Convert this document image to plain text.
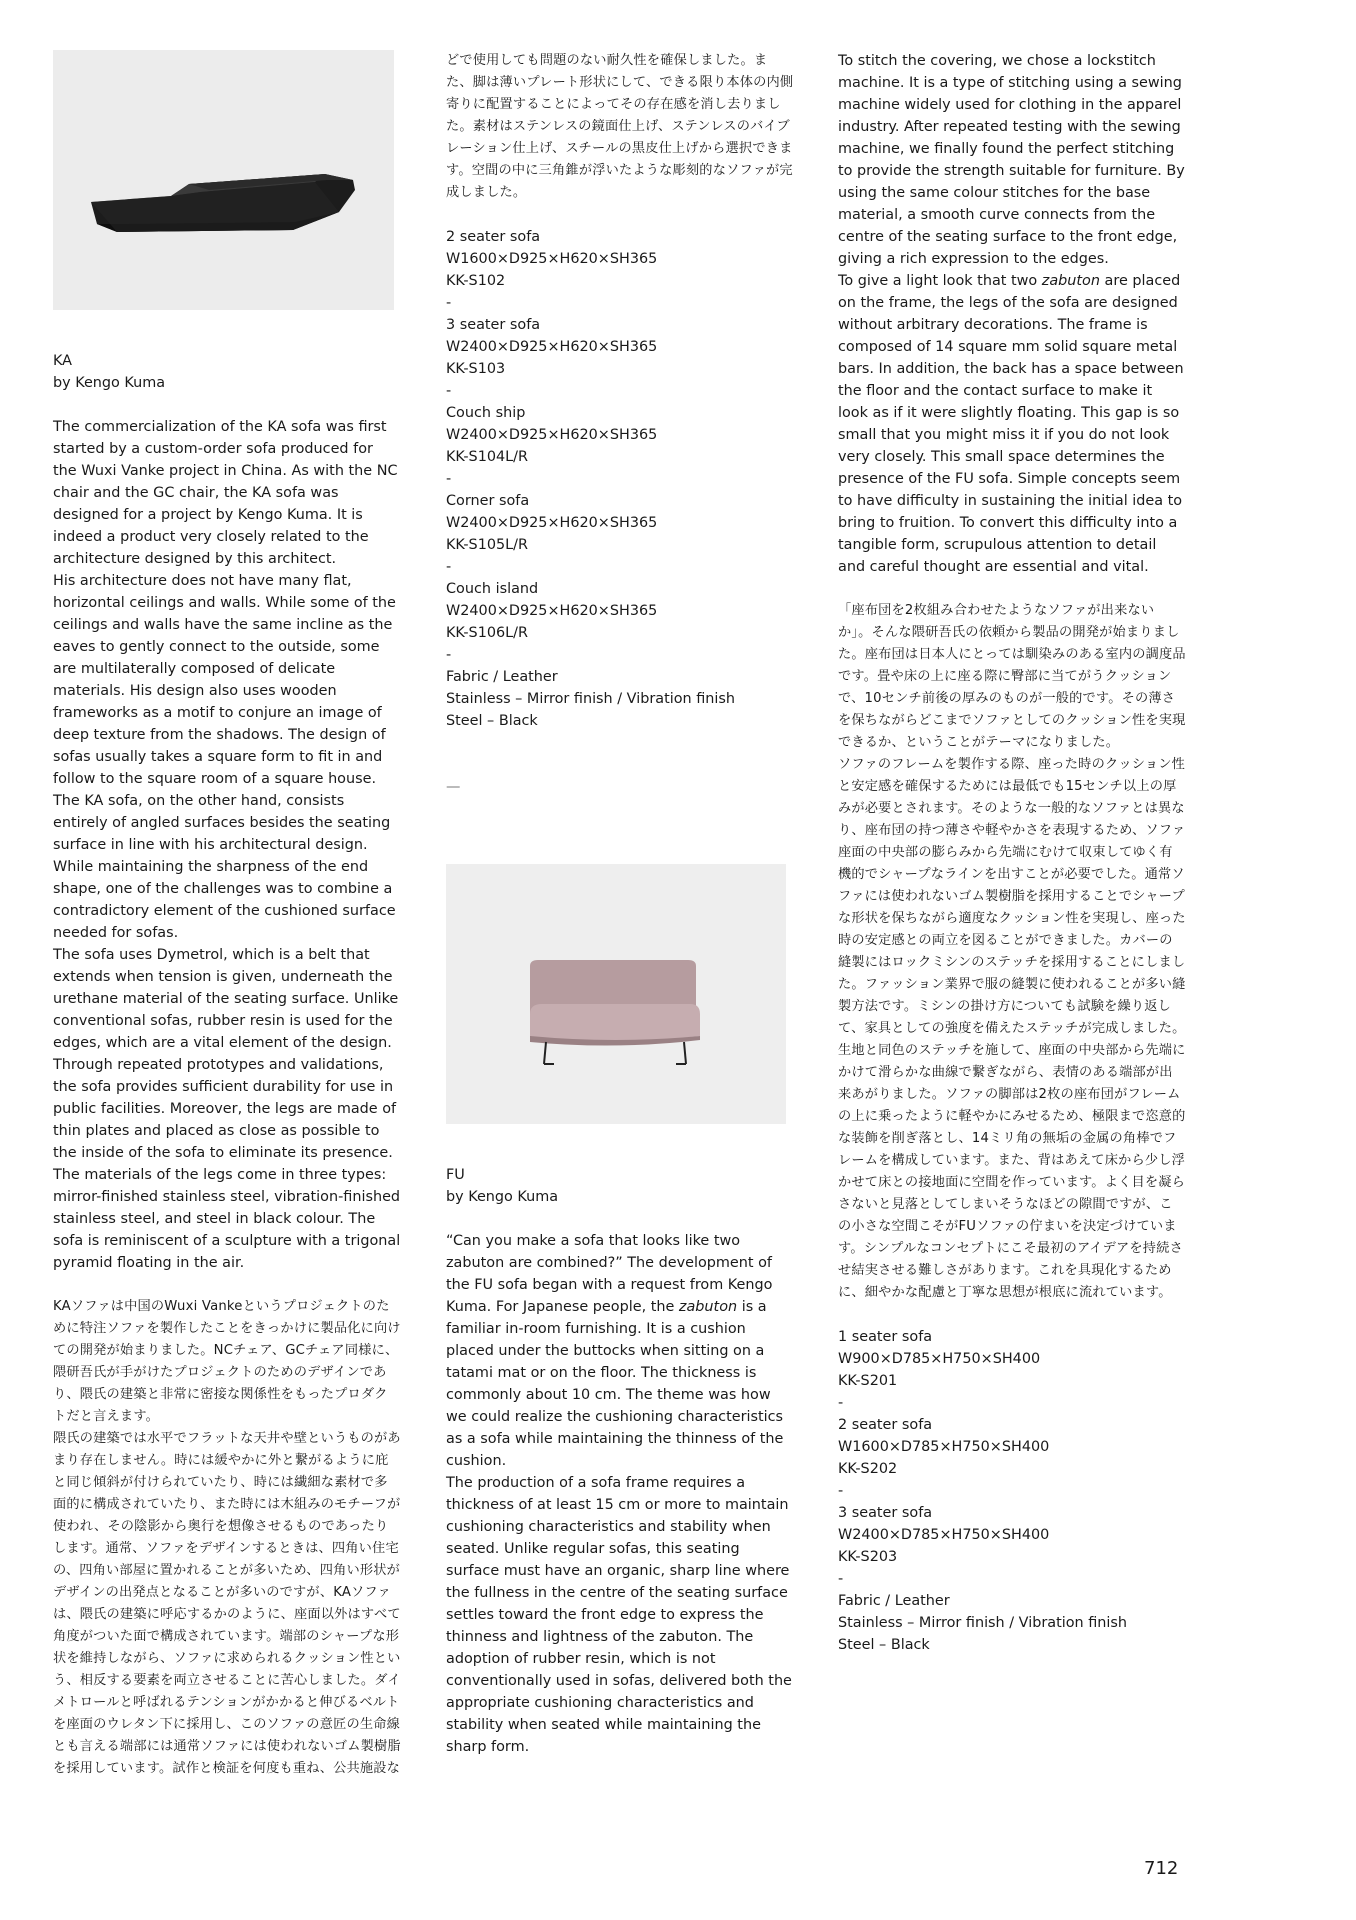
KA

by Kengo Kuma

The commercialization of the KA sofa was first started by a custom-order sofa produced for the Wuxi Vanke project in China. As with the NC chair and the GC chair, the KA sofa was designed for a project by Kengo Kuma. It is indeed a product very closely related to the architecture designed by this architect.

His architecture does not have many flat, horizontal ceilings and walls. While some of the ceilings and walls have the same incline as the eaves to gently connect to the outside, some are multilaterally composed of delicate materials. His design also uses wooden frameworks as a motif to conjure an image of deep texture from the shadows. The design of sofas usually takes a square form to fit in and follow to the square room of a square house. The KA sofa, on the other hand, consists entirely of angled surfaces besides the seating surface in line with his architectural design. While maintaining the sharpness of the end shape, one of the challenges was to combine a contradictory element of the cushioned surface needed for sofas.

The sofa uses Dymetrol, which is a belt that extends when tension is given, underneath the urethane material of the seating surface. Unlike conventional sofas, rubber resin is used for the edges, which are a vital element of the design. Through repeated prototypes and validations, the sofa provides sufficient durability for use in public facilities. Moreover, the legs are made of thin plates and placed as close as possible to the inside of the sofa to eliminate its presence. The materials of the legs come in three types: mirror-finished stainless steel, vibration-finished stainless steel, and steel in black colour. The sofa is reminiscent of a sculpture with a trigonal pyramid floating in the air.

KAソファは中国のWuxi Vankeというプロジェクトのために特注ソファを製作したことをきっかけに製品化に向けての開発が始まりました。NCチェア、GCチェア同様に、隈研吾氏が手がけたプロジェクトのためのデザインであり、隈氏の建築と非常に密接な関係性をもったプロダクトだと言えます。

隈氏の建築では水平でフラットな天井や壁というものがあまり存在しません。時には緩やかに外と繋がるように庇と同じ傾斜が付けられていたり、時には繊細な素材で多面的に構成されていたり、また時には木組みのモチーフが使われ、その陰影から奥行を想像させるものであったりします。通常、ソファをデザインするときは、四角い住宅の、四角い部屋に置かれることが多いため、四角い形状がデザインの出発点となることが多いのですが、KAソファは、隈氏の建築に呼応するかのように、座面以外はすべて角度がついた面で構成されています。端部のシャープな形状を維持しながら、ソファに求められるクッション性という、相反する要素を両立させることに苦心しました。ダイメトロールと呼ばれるテンションがかかると伸びるベルトを座面のウレタン下に採用し、このソファの意匠の生命線とも言える端部には通常ソファには使われないゴム製樹脂を採用しています。試作と検証を何度も重ね、公共施設な

どで使用しても問題のない耐久性を確保しました。また、脚は薄いプレート形状にして、できる限り本体の内側寄りに配置することによってその存在感を消し去りました。素材はステンレスの鏡面仕上げ、ステンレスのバイブレーション仕上げ、スチールの黒皮仕上げから選択できます。空間の中に三角錐が浮いたような彫刻的なソファが完成しました。

2 seater sofa

W1600×D925×H620×SH365

KK-S102

-

3 seater sofa

W2400×D925×H620×SH365

KK-S103

-

Couch ship

W2400×D925×H620×SH365

KK-S104L/R

-

Corner sofa

W2400×D925×H620×SH365

KK-S105L/R

-

Couch island

W2400×D925×H620×SH365

KK-S106L/R

-

Fabric / Leather

Stainless – Mirror finish / Vibration finish

Steel – Black

—

FU

by Kengo Kuma

“Can you make a sofa that looks like two zabuton are combined?” The development of the FU sofa began with a request from Kengo Kuma. For Japanese people, the zabuton is a familiar in-room furnishing. It is a cushion placed under the buttocks when sitting on a tatami mat or on the floor. The thickness is commonly about 10 cm. The theme was how we could realize the cushioning characteristics as a sofa while maintaining the thinness of the cushion.

The production of a sofa frame requires a thickness of at least 15 cm or more to maintain cushioning characteristics and stability when seated. Unlike regular sofas, this seating surface must have an organic, sharp line where the fullness in the centre of the seating surface settles toward the front edge to express the thinness and lightness of the zabuton. The adoption of rubber resin, which is not conventionally used in sofas, delivered both the appropriate cushioning characteristics and stability when seated while maintaining the sharp form.

To stitch the covering, we chose a lockstitch machine. It is a type of stitching using a sewing machine widely used for clothing in the apparel industry. After repeated testing with the sewing machine, we finally found the perfect stitching to provide the strength suitable for furniture. By using the same colour stitches for the base material, a smooth curve connects from the centre of the seating surface to the front edge, giving a rich expression to the edges.

To give a light look that two zabuton are placed on the frame, the legs of the sofa are designed without arbitrary decorations. The frame is composed of 14 square mm solid square metal bars. In addition, the back has a space between the floor and the contact surface to make it look as if it were slightly floating. This gap is so small that you might miss it if you do not look very closely. This small space determines the presence of the FU sofa. Simple concepts seem to have difficulty in sustaining the initial idea to bring to fruition. To convert this difficulty into a tangible form, scrupulous attention to detail and careful thought are essential and vital.

「座布団を2枚組み合わせたようなソファが出来ないか」。そんな隈研吾氏の依頼から製品の開発が始まりました。座布団は日本人にとっては馴染みのある室内の調度品です。畳や床の上に座る際に臀部に当てがうクッションで、10センチ前後の厚みのものが一般的です。その薄さを保ちながらどこまでソファとしてのクッション性を実現できるか、ということがテーマになりました。

ソファのフレームを製作する際、座った時のクッション性と安定感を確保するためには最低でも15センチ以上の厚みが必要とされます。そのような一般的なソファとは異なり、座布団の持つ薄さや軽やかさを表現するため、ソファ座面の中央部の膨らみから先端にむけて収束してゆく有機的でシャープなラインを出すことが必要でした。通常ソファには使われないゴム製樹脂を採用することでシャープな形状を保ちながら適度なクッション性を実現し、座った時の安定感との両立を図ることができました。カバーの縫製にはロックミシンのステッチを採用することにしました。ファッション業界で服の縫製に使われることが多い縫製方法です。ミシンの掛け方についても試験を繰り返して、家具としての強度を備えたステッチが完成しました。生地と同色のステッチを施して、座面の中央部から先端にかけて滑らかな曲線で繋ぎながら、表情のある端部が出来あがりました。ソファの脚部は2枚の座布団がフレームの上に乗ったように軽やかにみせるため、極限まで恣意的な装飾を削ぎ落とし、14ミリ角の無垢の金属の角棒でフレームを構成しています。また、背はあえて床から少し浮かせて床との接地面に空間を作っています。よく目を凝らさないと見落としてしまいそうなほどの隙間ですが、この小さな空間こそがFUソファの佇まいを決定づけています。シンプルなコンセプトにこそ最初のアイデアを持続させ結実させる難しさがあります。これを具現化するために、細やかな配慮と丁寧な思想が根底に流れています。

1 seater sofa

W900×D785×H750×SH400

KK-S201

-

2 seater sofa

W1600×D785×H750×SH400

KK-S202

-

3 seater sofa

W2400×D785×H750×SH400

KK-S203

-

Fabric / Leather

Stainless – Mirror finish / Vibration finish

Steel – Black

712
